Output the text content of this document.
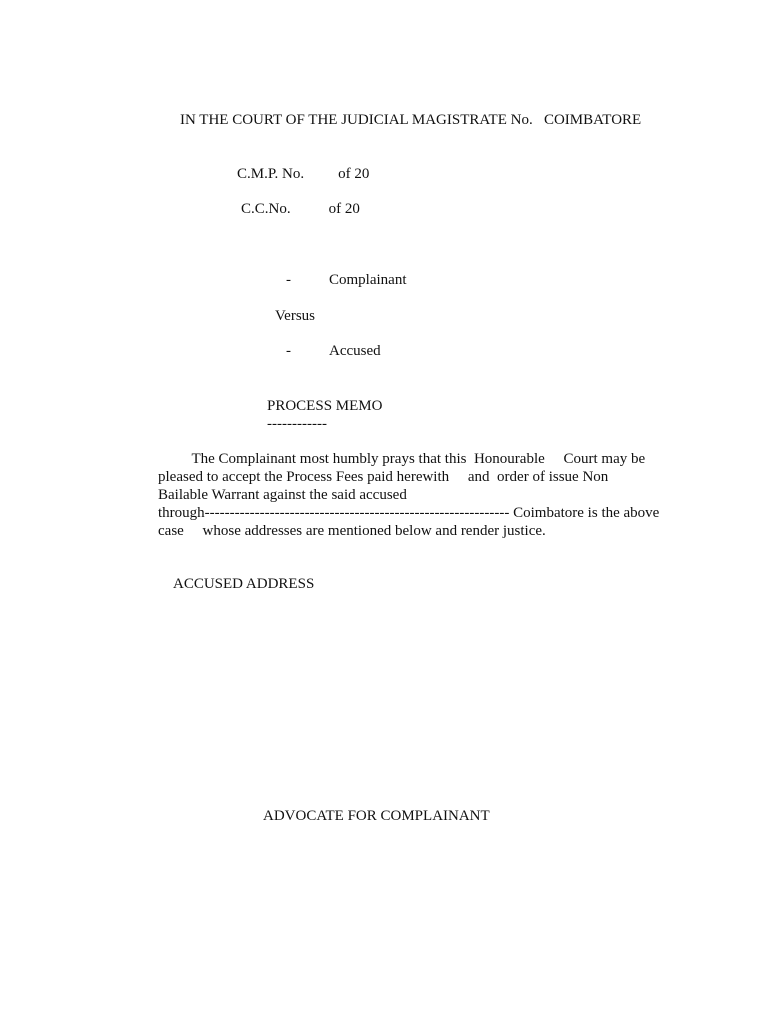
IN THE COURT OF THE JUDICIAL MAGISTRATE No.   COIMBATORE
C.M.P. No. of 20
C.C.No.	of 20
-	Complainant
Versus
-	Accused
PROCESS MEMO
------------
The Complainant most humbly prays that this  Honourable     Court may be
pleased to accept the Process Fees paid herewith     and  order of issue Non
Bailable Warrant against the said accused
through------------------------------------------------------------- Coimbatore is the above
case     whose addresses are mentioned below and render justice.
ACCUSED ADDRESS
ADVOCATE FOR COMPLAINANT
